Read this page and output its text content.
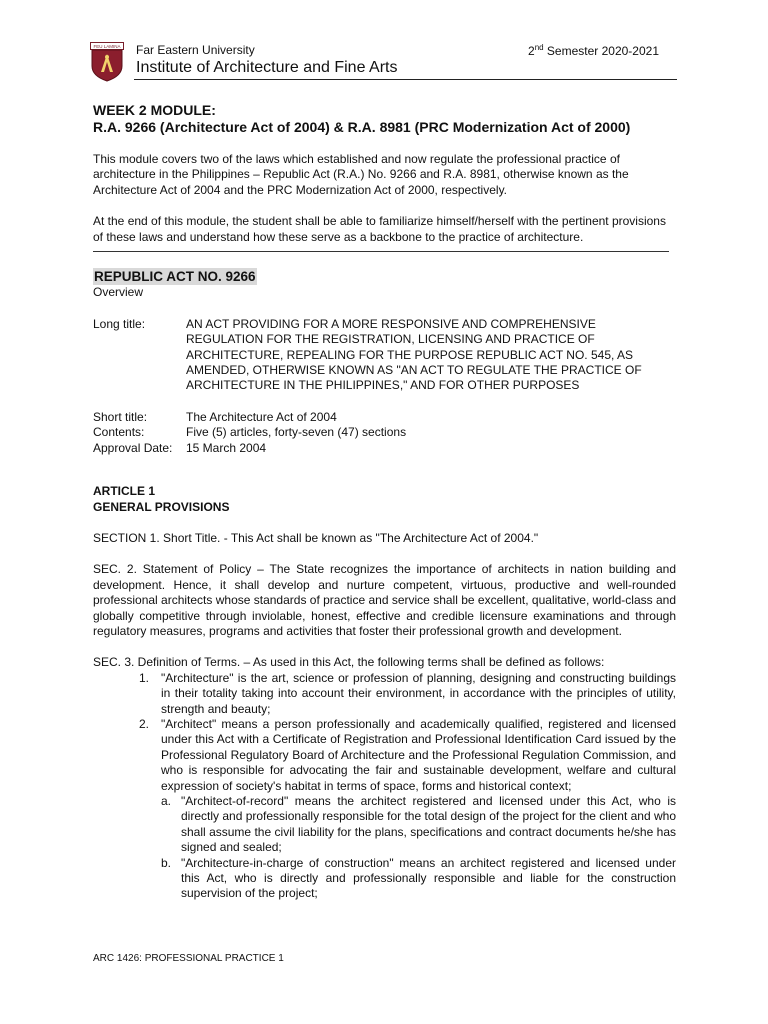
FEU LAMINA Far Eastern University
Institute of Architecture and Fine Arts
2nd Semester 2020-2021
WEEK 2 MODULE:
R.A. 9266 (Architecture Act of 2004) & R.A. 8981 (PRC Modernization Act of 2000)

This module covers two of the laws which established and now regulate the professional practice of architecture in the Philippines – Republic Act (R.A.) No. 9266 and R.A. 8981, otherwise known as the Architecture Act of 2004 and the PRC Modernization Act of 2000, respectively.

At the end of this module, the student shall be able to familiarize himself/herself with the pertinent provisions of these laws and understand how these serve as a backbone to the practice of architecture.

REPUBLIC ACT NO. 9266
Overview
Long title:	AN ACT PROVIDING FOR A MORE RESPONSIVE AND COMPREHENSIVE REGULATION FOR THE REGISTRATION, LICENSING AND PRACTICE OF ARCHITECTURE, REPEALING FOR THE PURPOSE REPUBLIC ACT NO. 545, AS AMENDED, OTHERWISE KNOWN AS "AN ACT TO REGULATE THE PRACTICE OF ARCHITECTURE IN THE PHILIPPINES," AND FOR OTHER PURPOSES
Short title:	The Architecture Act of 2004
Contents:	Five (5) articles, forty-seven (47) sections
Approval Date:	15 March 2004
ARTICLE 1
GENERAL PROVISIONS

SECTION 1. Short Title. - This Act shall be known as "The Architecture Act of 2004."

SEC. 2. Statement of Policy – The State recognizes the importance of architects in nation building and development. Hence, it shall develop and nurture competent, virtuous, productive and well-rounded professional architects whose standards of practice and service shall be excellent, qualitative, world-class and globally competitive through inviolable, honest, effective and credible licensure examinations and through regulatory measures, programs and activities that foster their professional growth and development.

SEC. 3. Definition of Terms. – As used in this Act, the following terms shall be defined as follows:

1. "Architecture" is the art, science or profession of planning, designing and constructing buildings in their totality taking into account their environment, in accordance with the principles of utility, strength and beauty;
2. "Architect" means a person professionally and academically qualified, registered and licensed under this Act with a Certificate of Registration and Professional Identification Card issued by the Professional Regulatory Board of Architecture and the Professional Regulation Commission, and who is responsible for advocating the fair and sustainable development, welfare and cultural expression of society's habitat in terms of space, forms and historical context;
a. "Architect-of-record" means the architect registered and licensed under this Act, who is directly and professionally responsible for the total design of the project for the client and who shall assume the civil liability for the plans, specifications and contract documents he/she has signed and sealed;
b. "Architecture-in-charge of construction" means an architect registered and licensed under this Act, who is directly and professionally responsible and liable for the construction supervision of the project;
ARC 1426: PROFESSIONAL PRACTICE 1
